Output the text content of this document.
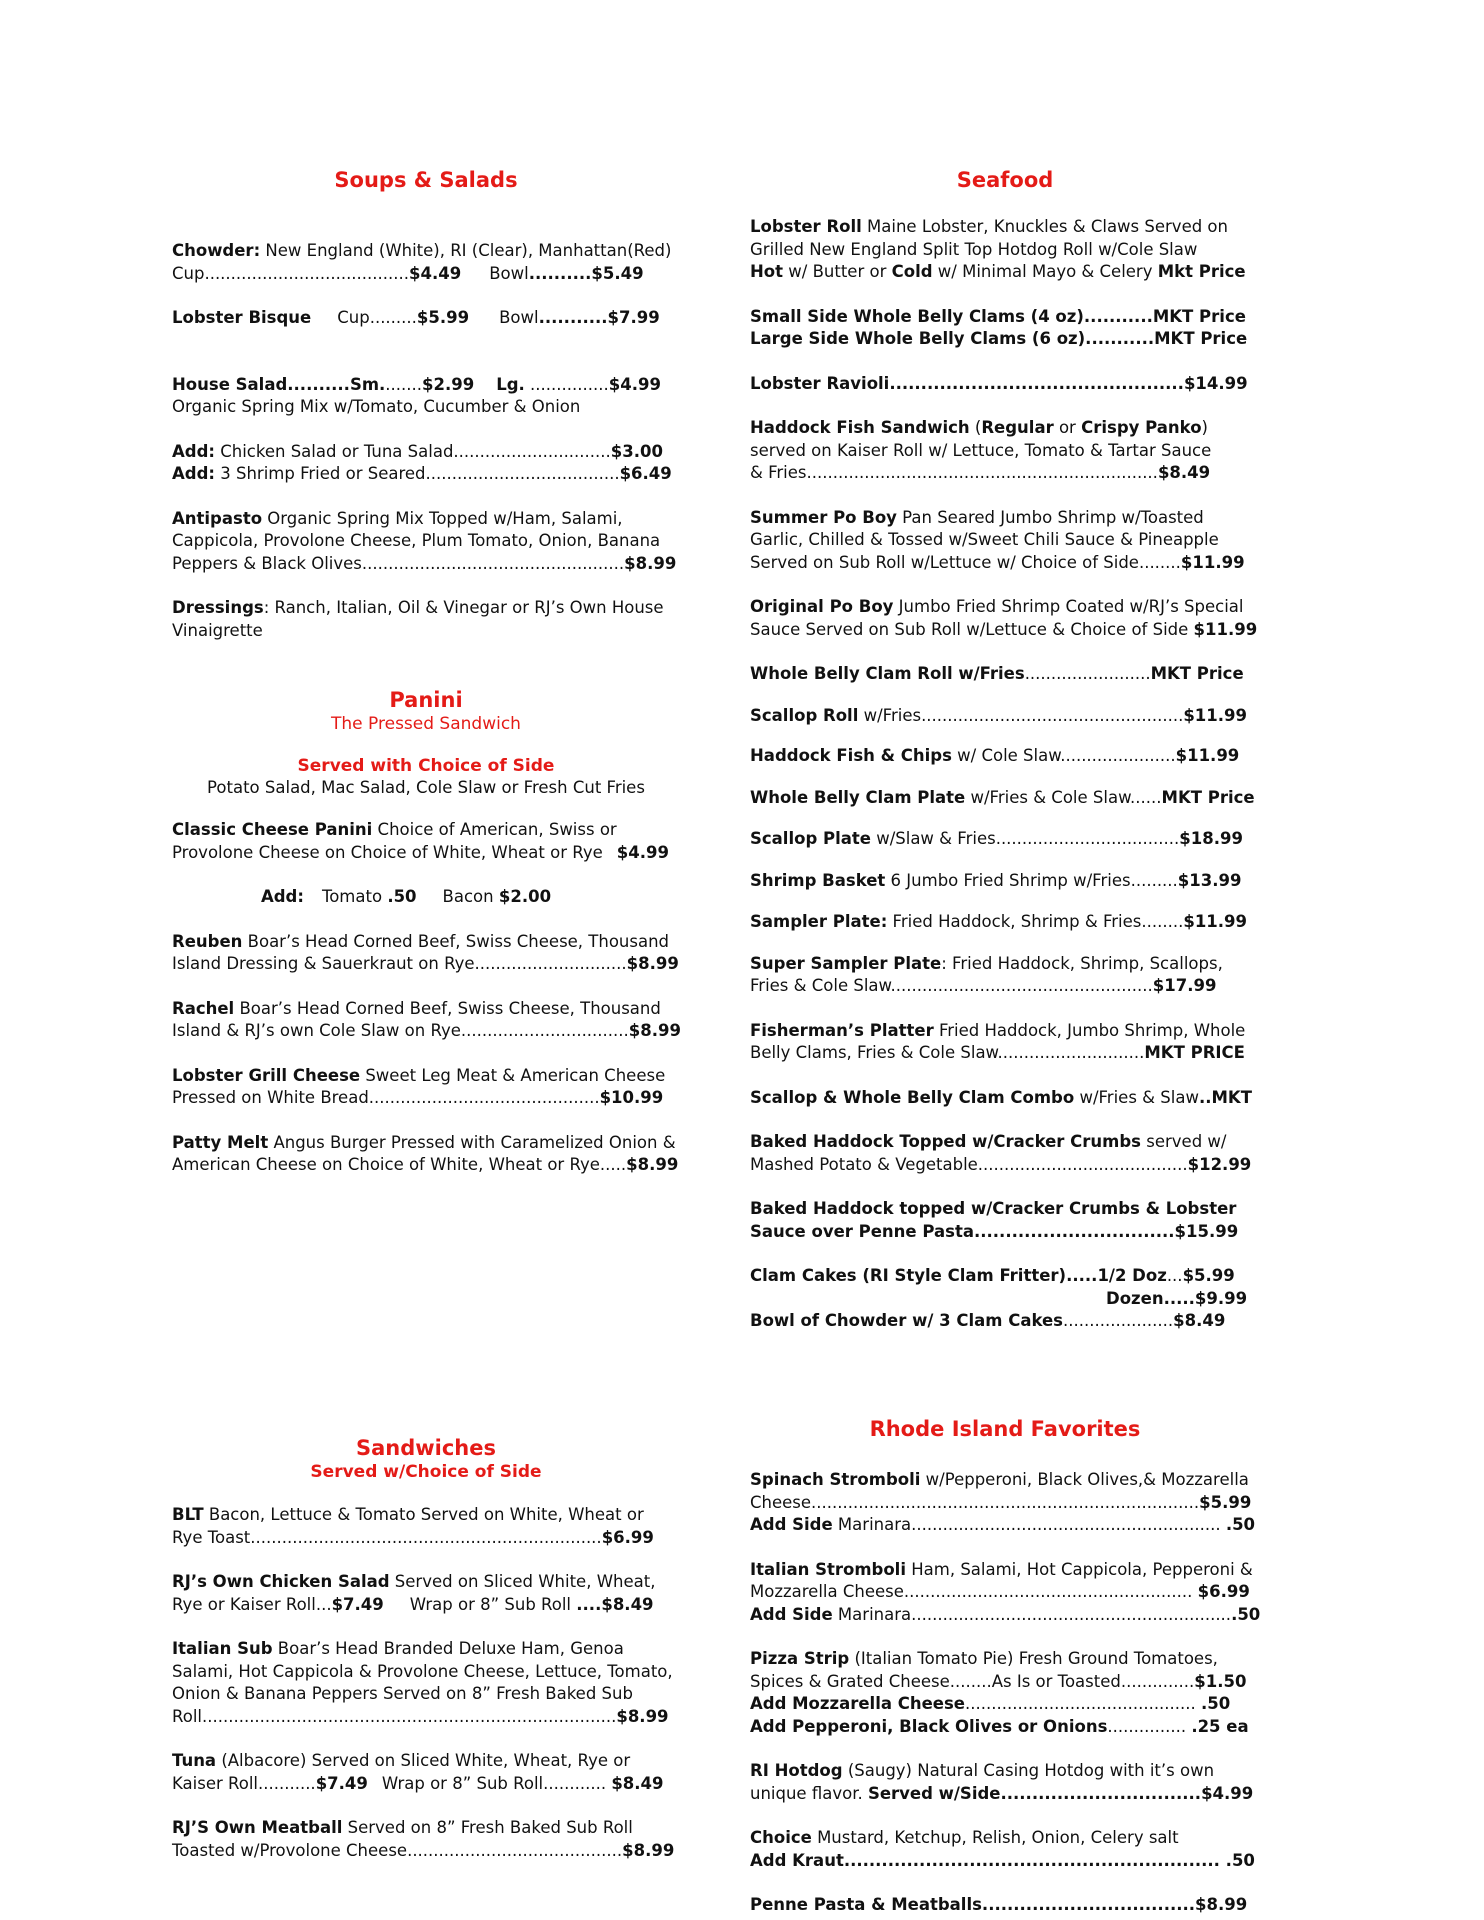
Soups & Salads

Chowder: New England (White), RI (Clear), Manhattan(Red)
Cup.......................................$4.49 Bowl..........$5.49

Lobster Bisque Cup.........$5.99 Bowl...........$7.99

House Salad..........Sm........$2.99 Lg. ...............$4.99
Organic Spring Mix w/Tomato, Cucumber & Onion

Add: Chicken Salad or Tuna Salad..............................$3.00
Add: 3 Shrimp Fried or Seared.....................................$6.49

Antipasto Organic Spring Mix Topped w/Ham, Salami,
Cappicola, Provolone Cheese, Plum Tomato, Onion, Banana
Peppers & Black Olives..................................................$8.99

Dressings: Ranch, Italian, Oil & Vinegar or RJ’s Own House
Vinaigrette

Panini

The Pressed Sandwich

Served with Choice of Side

Potato Salad, Mac Salad, Cole Slaw or Fresh Cut Fries

Classic Cheese Panini Choice of American, Swiss or
Provolone Cheese on Choice of White, Wheat or Rye $4.99

Add: Tomato .50 Bacon $2.00

Reuben Boar’s Head Corned Beef, Swiss Cheese, Thousand
Island Dressing & Sauerkraut on Rye.............................$8.99

Rachel Boar’s Head Corned Beef, Swiss Cheese, Thousand
Island & RJ’s own Cole Slaw on Rye................................$8.99

Lobster Grill Cheese Sweet Leg Meat & American Cheese
Pressed on White Bread............................................$10.99

Patty Melt Angus Burger Pressed with Caramelized Onion &
American Cheese on Choice of White, Wheat or Rye.....$8.99

Sandwiches

Served w/Choice of Side

BLT Bacon, Lettuce & Tomato Served on White, Wheat or
Rye Toast...................................................................$6.99

RJ’s Own Chicken Salad Served on Sliced White, Wheat,
Rye or Kaiser Roll...$7.49 Wrap or 8” Sub Roll ....$8.49

Italian Sub Boar’s Head Branded Deluxe Ham, Genoa
Salami, Hot Cappicola & Provolone Cheese, Lettuce, Tomato,
Onion & Banana Peppers Served on 8” Fresh Baked Sub
Roll...............................................................................$8.99

Tuna (Albacore) Served on Sliced White, Wheat, Rye or
Kaiser Roll...........$7.49 Wrap or 8” Sub Roll............ $8.49

RJ’S Own Meatball Served on 8” Fresh Baked Sub Roll
Toasted w/Provolone Cheese.........................................$8.99

Seafood

Lobster Roll Maine Lobster, Knuckles & Claws Served on
Grilled New England Split Top Hotdog Roll w/Cole Slaw
Hot w/ Butter or Cold w/ Minimal Mayo & Celery Mkt Price

Small Side Whole Belly Clams (4 oz)...........MKT Price
Large Side Whole Belly Clams (6 oz)...........MKT Price

Lobster Ravioli...............................................$14.99

Haddock Fish Sandwich (Regular or Crispy Panko)
served on Kaiser Roll w/ Lettuce, Tomato & Tartar Sauce
& Fries...................................................................$8.49

Summer Po Boy Pan Seared Jumbo Shrimp w/Toasted
Garlic, Chilled & Tossed w/Sweet Chili Sauce & Pineapple
Served on Sub Roll w/Lettuce w/ Choice of Side........$11.99

Original Po Boy Jumbo Fried Shrimp Coated w/RJ’s Special
Sauce Served on Sub Roll w/Lettuce & Choice of Side $11.99

Whole Belly Clam Roll w/Fries........................MKT Price

Scallop Roll w/Fries..................................................$11.99

Haddock Fish & Chips w/ Cole Slaw......................$11.99

Whole Belly Clam Plate w/Fries & Cole Slaw......MKT Price

Scallop Plate w/Slaw & Fries...................................$18.99

Shrimp Basket 6 Jumbo Fried Shrimp w/Fries.........$13.99

Sampler Plate: Fried Haddock, Shrimp & Fries........$11.99

Super Sampler Plate: Fried Haddock, Shrimp, Scallops,
Fries & Cole Slaw..................................................$17.99

Fisherman’s Platter Fried Haddock, Jumbo Shrimp, Whole
Belly Clams, Fries & Cole Slaw............................MKT PRICE

Scallop & Whole Belly Clam Combo w/Fries & Slaw..MKT

Baked Haddock Topped w/Cracker Crumbs served w/
Mashed Potato & Vegetable........................................$12.99

Baked Haddock topped w/Cracker Crumbs & Lobster
Sauce over Penne Pasta................................$15.99

Clam Cakes (RI Style Clam Fritter).....1/2 Doz...$5.99
Dozen.....$9.99
Bowl of Chowder w/ 3 Clam Cakes.....................$8.49

Rhode Island Favorites

Spinach Stromboli w/Pepperoni, Black Olives,& Mozzarella
Cheese..........................................................................$5.99
Add Side Marinara........................................................... .50

Italian Stromboli Ham, Salami, Hot Cappicola, Pepperoni &
Mozzarella Cheese....................................................... $6.99
Add Side Marinara..............................................................50

Pizza Strip (Italian Tomato Pie) Fresh Ground Tomatoes,
Spices & Grated Cheese........As Is or Toasted..............$1.50
Add Mozzarella Cheese............................................ .50
Add Pepperoni, Black Olives or Onions............... .25 ea

RI Hotdog (Saugy) Natural Casing Hotdog with it’s own
unique flavor. Served w/Side................................$4.99

Choice Mustard, Ketchup, Relish, Onion, Celery salt
Add Kraut............................................................ .50

Penne Pasta & Meatballs..................................$8.99
